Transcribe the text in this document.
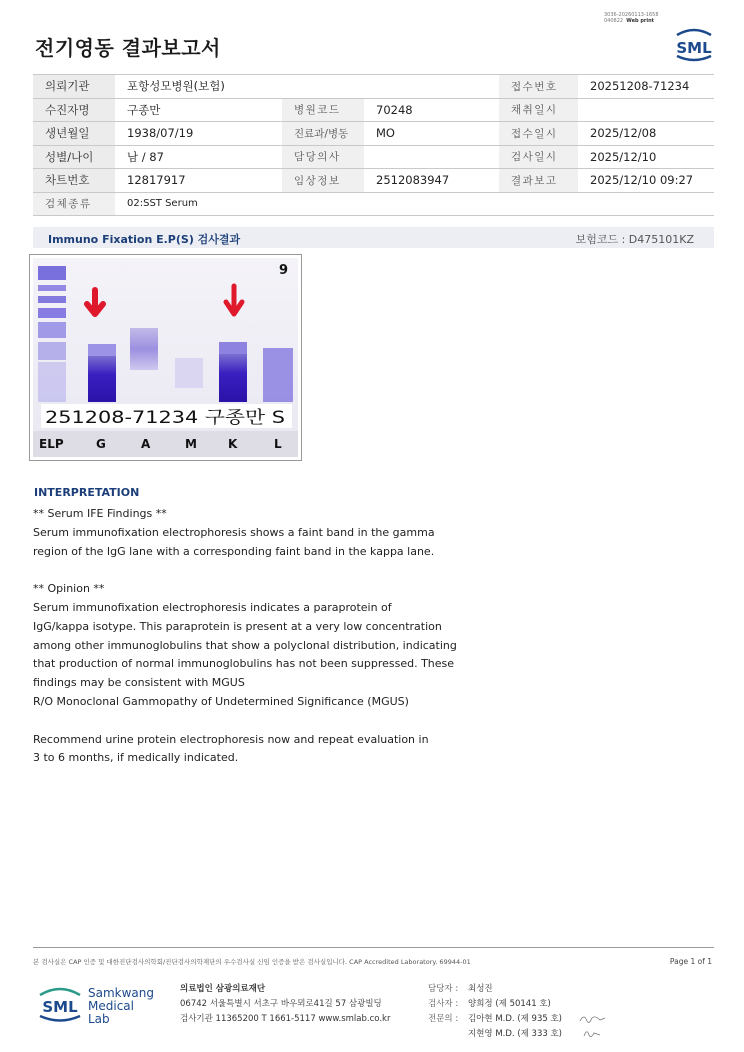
3036-20260113-1658
040822 Web print
전기영동 결과보고서	SML
의뢰기관	포항성모병원(보험)			접수번호	20251208-71234
수진자명	구종만	병원코드	70248	채취일시	
생년월일	1938/07/19	진료과/병동	MO	접수일시	2025/12/08
성별/나이	남 / 87	담당의사		검사일시	2025/12/10
차트번호	12817917	임상정보	2512083947	결과보고	2025/12/10 09:27
검체종류	02:SST Serum				
Immuno Fixation E.P(S) 검사결과	보험코드 : D475101KZ
9
251208-71234 구종만 S
ELP	G	A	M	K	L
INTERPRETATION

** Serum IFE Findings **

Serum immunofixation electrophoresis shows a faint band in the gamma

region of the IgG lane with a corresponding faint band in the kappa lane.

** Opinion **

Serum immunofixation electrophoresis indicates a paraprotein of

IgG/kappa isotype. This paraprotein is present at a very low concentration

among other immunoglobulins that show a polyclonal distribution, indicating

that production of normal immunoglobulins has not been suppressed. These

findings may be consistent with MGUS

R/O Monoclonal Gammopathy of Undetermined Significance (MGUS)

Recommend urine protein electrophoresis now and repeat evaluation in

3 to 6 months, if medically indicated.

본 검사실은 CAP 인증 및 대한진단검사의학회/진단검사의학재단의 우수검사실 신임 인증을 받은 검사실입니다. CAP Accredited Laboratory. 69944-01	Page 1 of 1
SML
Samkwang
Medical Lab
의료법인 삼광의료재단
06742 서울특별시 서초구 바우뫼로41길 57 삼광빌딩
검사기관 11365200 T 1661-5117 www.smlab.co.kr
담당자 :	최성진
검사자 :	양희정 (제 50141 호)
전문의 :	김아현 M.D. (제 935 호)
지현영 M.D. (제 333 호)
